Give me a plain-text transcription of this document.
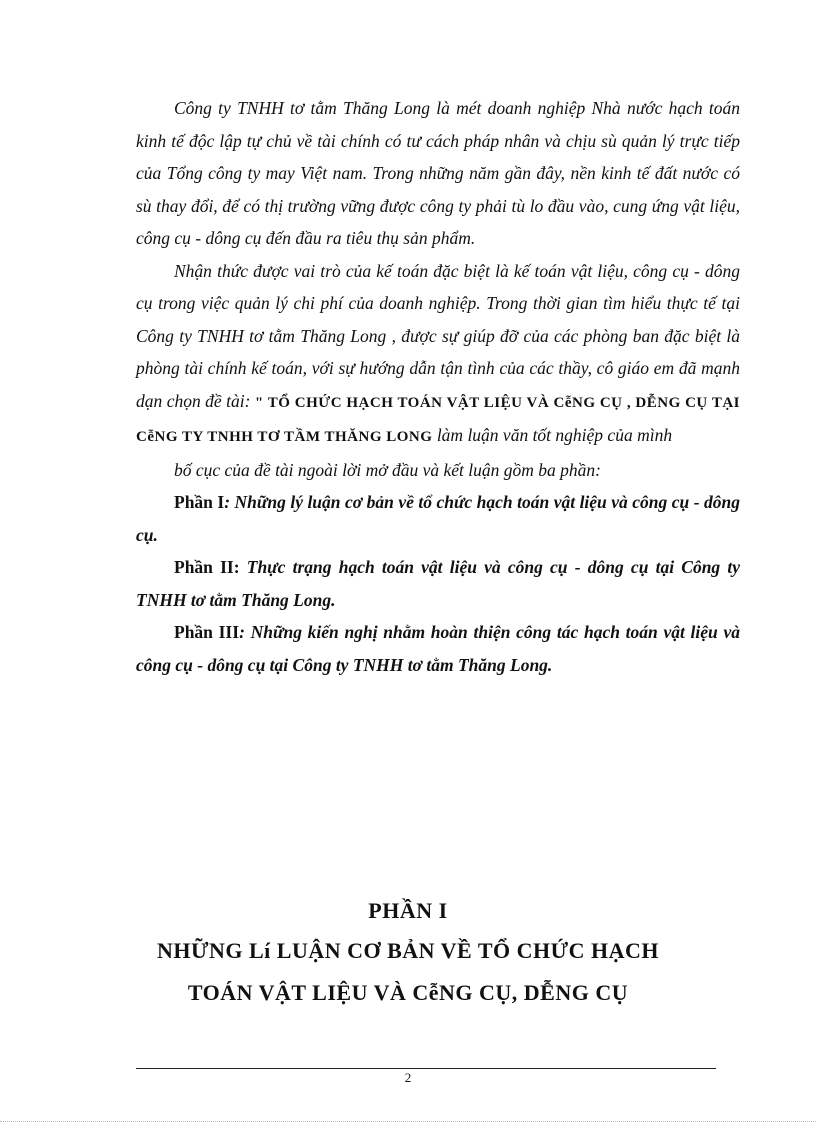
Công ty TNHH tơ tằm Thăng Long là mét doanh nghiệp Nhà nước hạch toán kinh tế độc lập tự chủ về tài chính có tư cách pháp nhân và chịu sù quản lý trực tiếp của Tổng công ty may Việt nam. Trong những năm gần đây, nền kinh tế đất nước có sù thay đổi, để có thị trường vững được công ty phải tù lo đầu vào, cung ứng vật liệu, công cụ - dông cụ đến đầu ra tiêu thụ sản phẩm.

Nhận thức được vai trò của kế toán đặc biệt là kế toán vật liệu, công cụ - dông cụ trong việc quản lý chi phí của doanh nghiệp. Trong thời gian tìm hiểu thực tế tại Công ty TNHH tơ tằm Thăng Long , được sự giúp đỡ của các phòng ban đặc biệt là phòng tài chính kế toán, với sự hướng dẫn tận tình của các thầy, cô giáo em đã mạnh dạn chọn đề tài: " TỔ CHỨC HẠCH TOÁN VẬT LIỆU VÀ CễNG CỤ , DỄNG CỤ TẠI CễNG TY TNHH TƠ TẦM THĂNG LONG làm luận văn tốt nghiệp của mình

bố cục của đề tài ngoài lời mở đầu và kết luận gồm ba phần:

Phần I: Những lý luận cơ bản về tổ chức hạch toán vật liệu và công cụ - dông cụ.

Phần II: Thực trạng hạch toán vật liệu và công cụ - dông cụ tại Công ty TNHH tơ tằm Thăng Long.

Phần III: Những kiến nghị nhằm hoàn thiện công tác hạch toán vật liệu và công cụ - dông cụ tại Công ty TNHH tơ tằm Thăng Long.

PHẦN I
NHỮNG Lí LUẬN CƠ BẢN VỀ TỔ CHỨC HẠCH
TOÁN VẬT LIỆU VÀ CễNG CỤ, DỄNG CỤ
2
